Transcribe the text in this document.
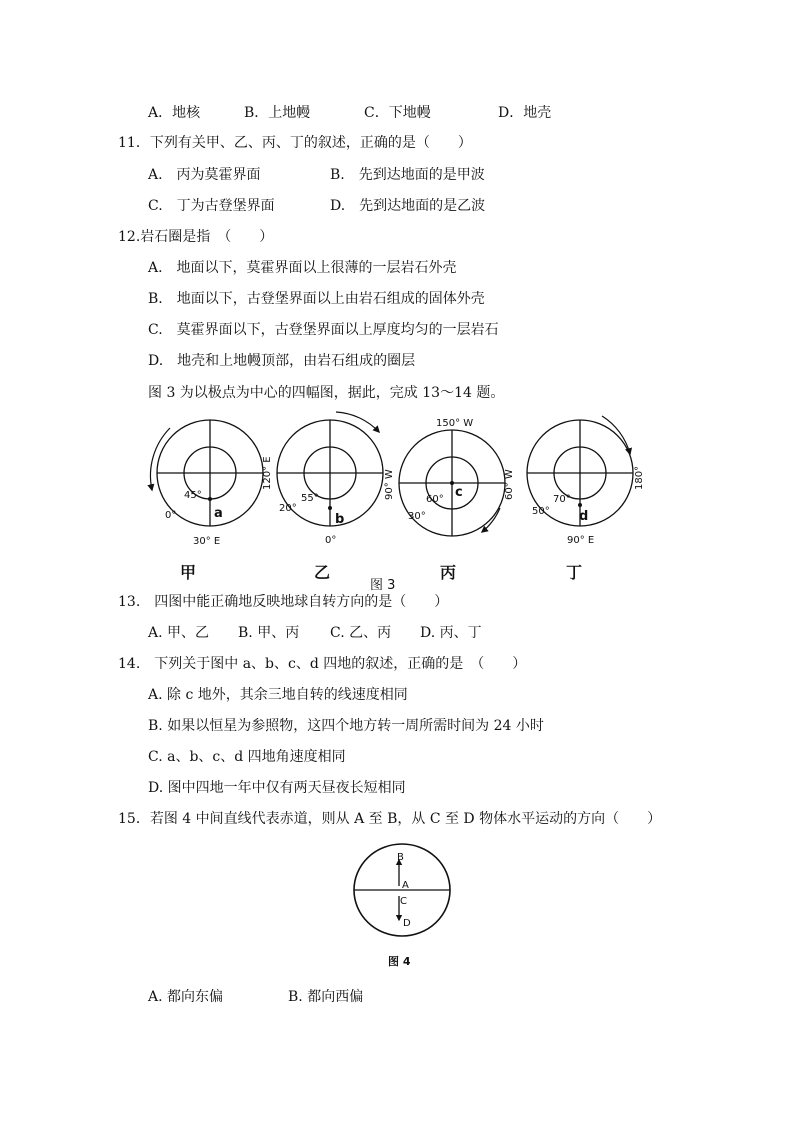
A．地核	B．上地幔	C．下地幔	D．地壳
11．下列有关甲、乙、丙、丁的叙述，正确的是（　　）
A.　丙为莫霍界面	B.　先到达地面的是甲波
C.　丁为古登堡界面	D.　先到达地面的是乙波
12.岩石圈是指　（　　）
A.　地面以下，莫霍界面以上很薄的一层岩石外壳
B.　地面以下，古登堡界面以上由岩石组成的固体外壳
C.　莫霍界面以下，古登堡界面以上厚度均匀的一层岩石
D.　地壳和上地幔顶部，由岩石组成的圈层
图 3 为以极点为中心的四幅图，据此，完成 13～14 题。
45°
a
0°
30° E
120° E
55°
b
20°
0°
90° W
150° W
60° c
30°
60° W	70°
d
50°
90° E
180°
甲	乙
图 3
丙	丁
13.　四图中能正确地反映地球自转方向的是（　　）
A. 甲、乙 B. 甲、丙 C. 乙、丙 D. 丙、丁
14.　下列关于图中 a、b、c、d 四地的叙述，正确的是　（　　）
A. 除 c 地外，其余三地自转的线速度相同
B. 如果以恒星为参照物，这四个地方转一周所需时间为 24 小时
C. a、b、c、d 四地角速度相同
D. 图中四地一年中仅有两天昼夜长短相同
15．若图 4 中间直线代表赤道，则从 A 至 B，从 C 至 D 物体水平运动的方向（　　）
B
A
C
D
图 4
A. 都向东偏	B. 都向西偏
